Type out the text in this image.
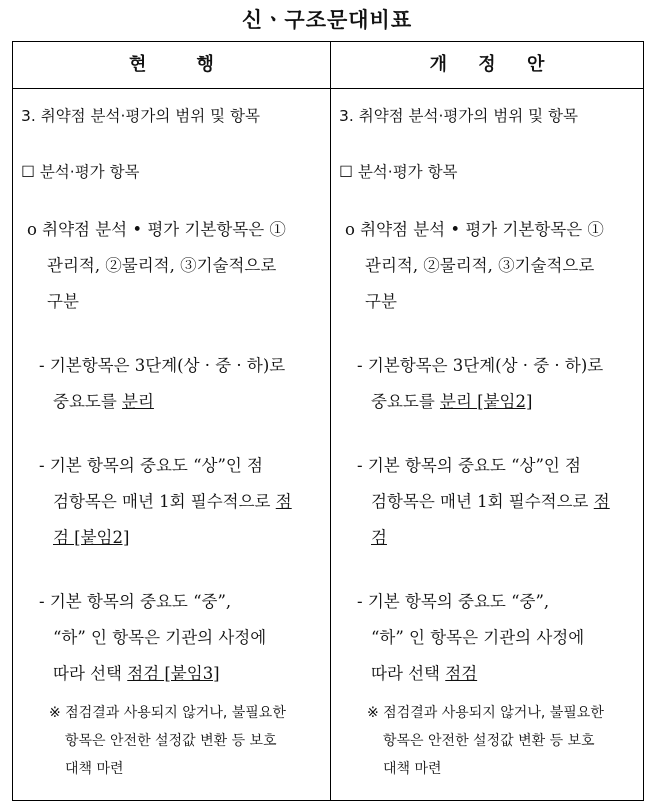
신ㆍ구조문대비표
현        행	개     정     안
3. 취약점 분석·평가의 범위 및 항목
☐ 분석·평가 항목
o 취약점 분석 • 평가 기본항목은 ①
관리적, ②물리적, ③기술적으로
구분
- 기본항목은 3단계(상 · 중 · 하)로
중요도를 분리
- 기본 항목의 중요도 “상”인 점
검항목은 매년 1회 필수적으로 점
검 [붙임2]
- 기본 항목의 중요도 “중”,
“하” 인 항목은 기관의 사정에
따라 선택 점검 [붙임3]
※ 점검결과 사용되지 않거나, 불필요한
항목은 안전한 설정값 변환 등 보호
대책 마련
3. 취약점 분석·평가의 범위 및 항목
☐ 분석·평가 항목
o 취약점 분석 • 평가 기본항목은 ①
관리적, ②물리적, ③기술적으로
구분
- 기본항목은 3단계(상 · 중 · 하)로
중요도를 분리 [붙임2]
- 기본 항목의 중요도 “상”인 점
검항목은 매년 1회 필수적으로 점
검
- 기본 항목의 중요도 “중”,
“하” 인 항목은 기관의 사정에
따라 선택 점검
※ 점검결과 사용되지 않거나, 불필요한
항목은 안전한 설정값 변환 등 보호
대책 마련
